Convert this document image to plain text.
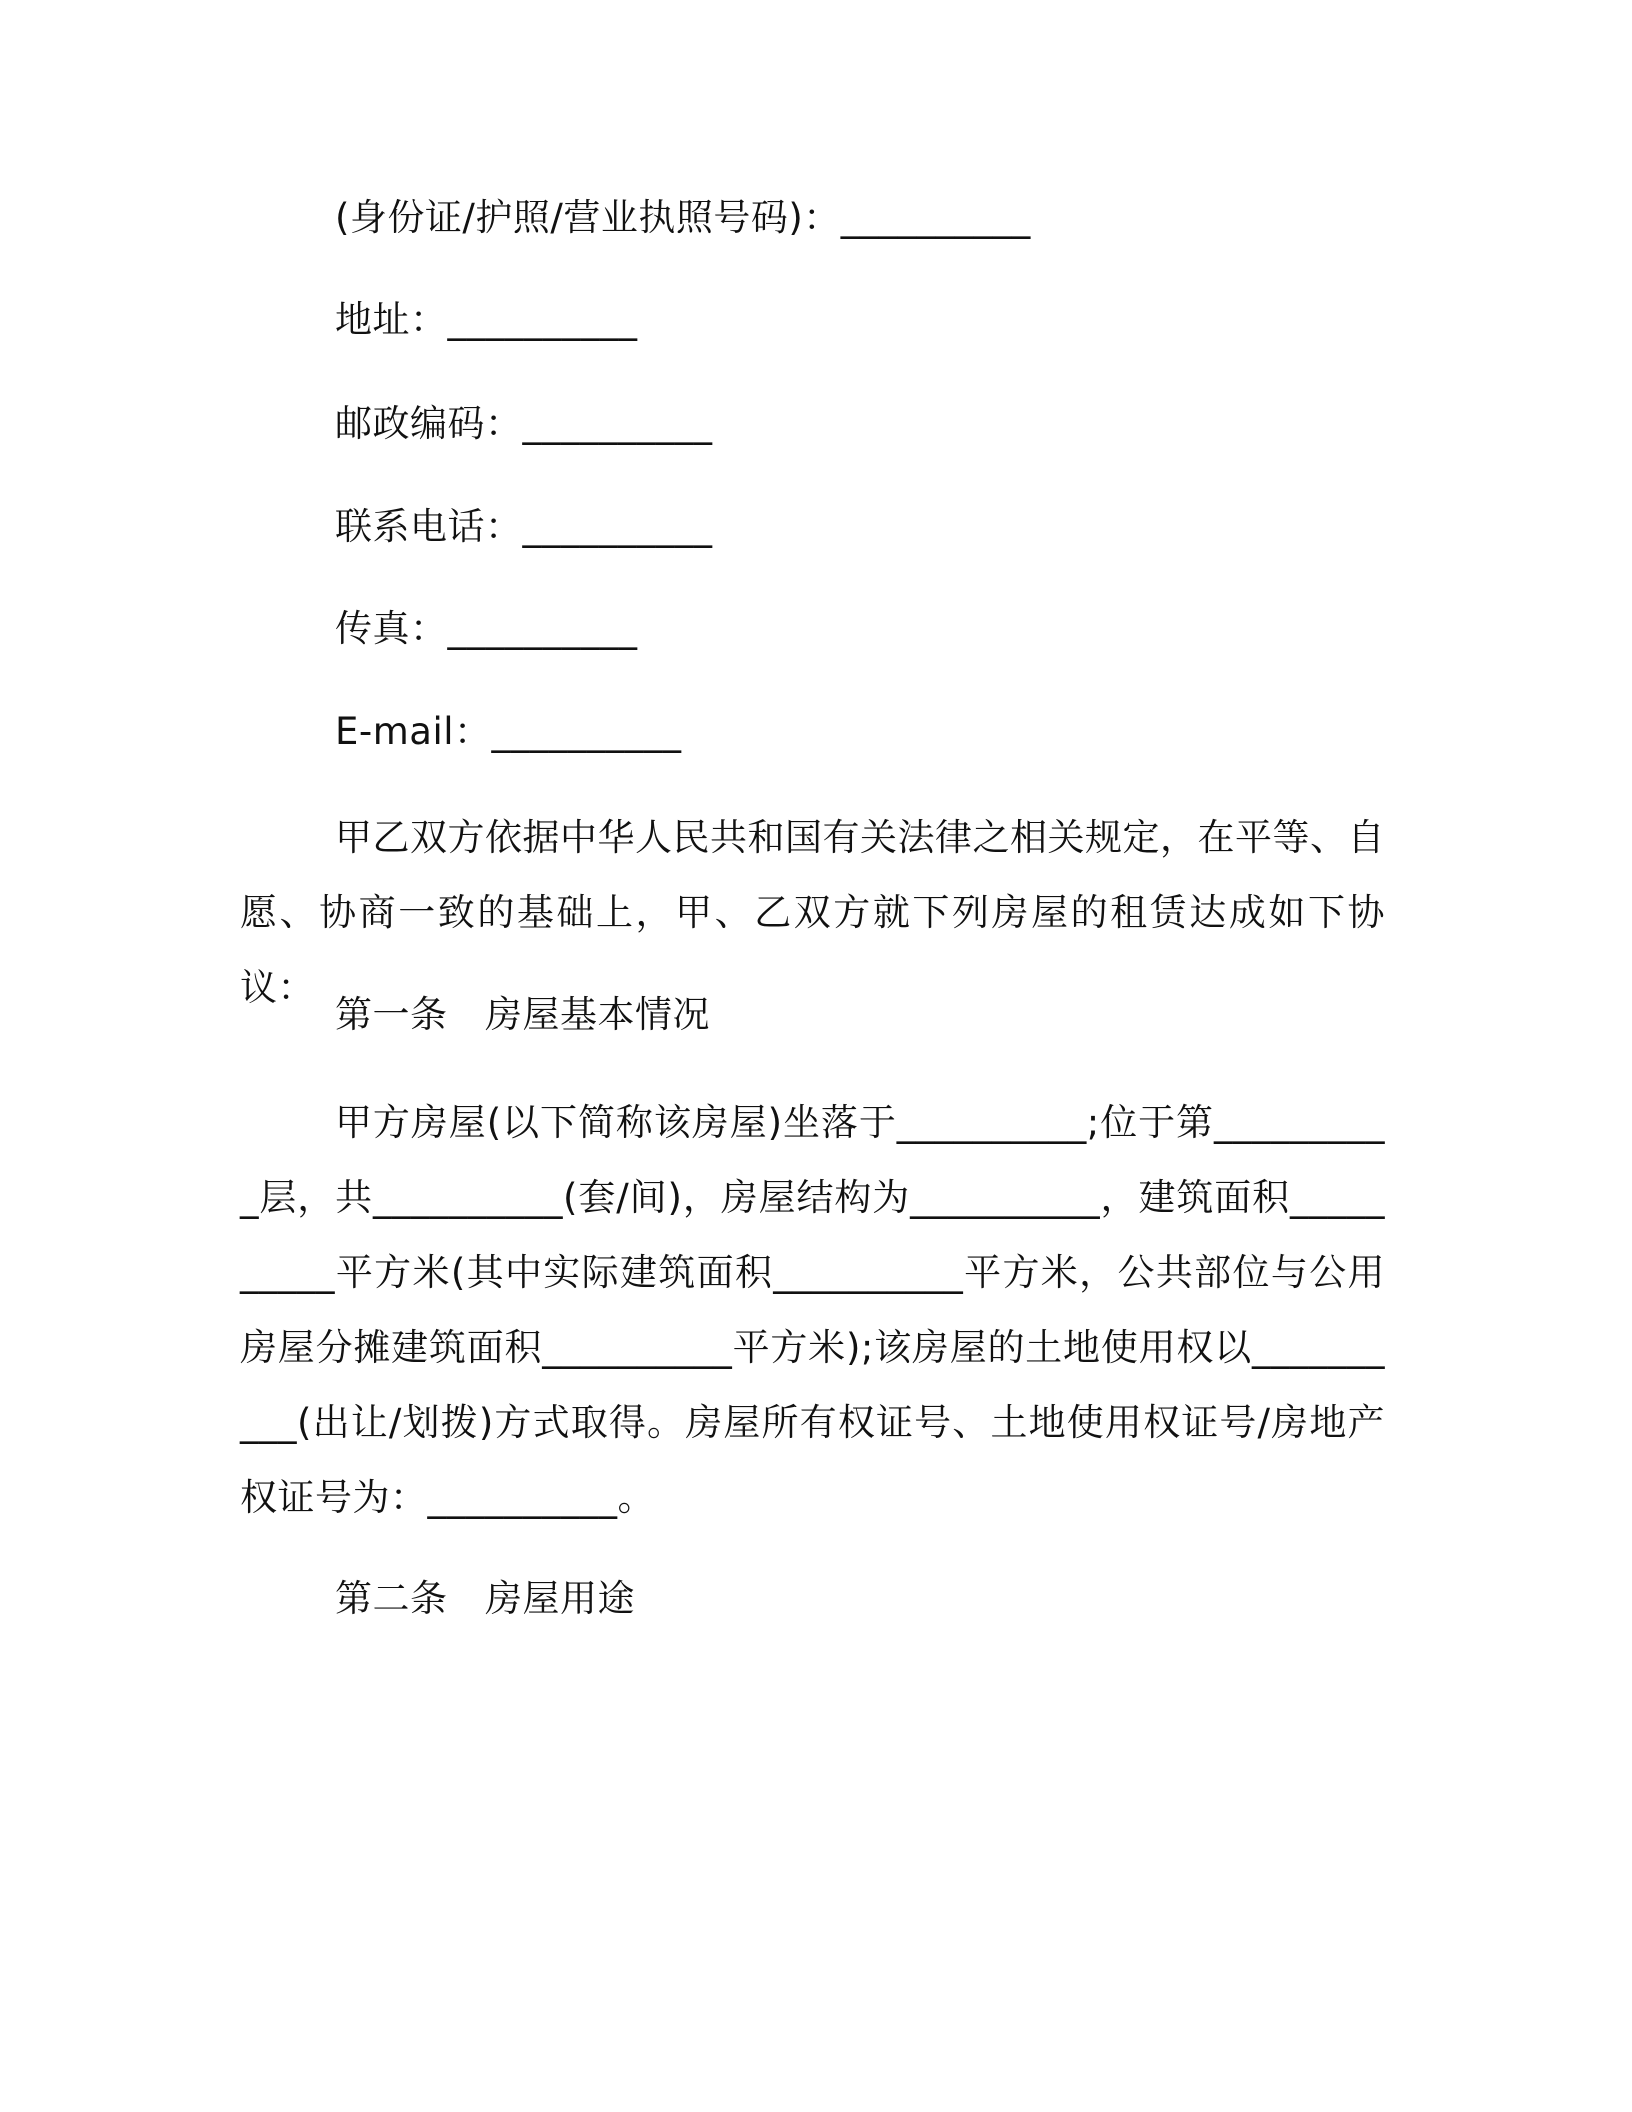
(身份证/护照/营业执照号码)：__________
地址：__________
邮政编码：__________
联系电话：__________
传真：__________
E-mail：__________
甲乙双方依据中华人民共和国有关法律之相关规定，在平等、自愿、协商一致的基础上，甲、乙双方就下列房屋的租赁达成如下协议：
第一条　房屋基本情况
甲方房屋(以下简称该房屋)坐落于__________;位于第__________层，共__________(套/间)，房屋结构为__________，建筑面积__________平方米(其中实际建筑面积__________平方米，公共部位与公用房屋分摊建筑面积__________平方米);该房屋的土地使用权以__________(出让/划拨)方式取得。房屋所有权证号、土地使用权证号/房地产权证号为：__________。
第二条　房屋用途
